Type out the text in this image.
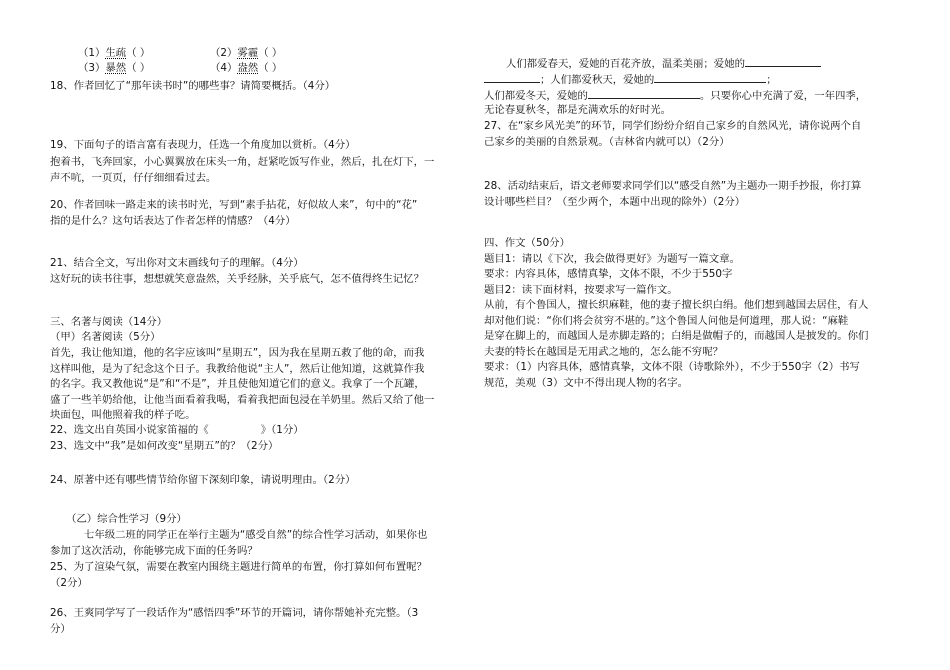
（1）生疏（ ）	（2）雾霾（ ）
（3）暴然（ ）	（4）盎然（ ）
18、作者回忆了“那年读书时”的哪些事？请简要概括。（4分）
19、下面句子的语言富有表现力，任选一个角度加以赏析。（4分）
抱着书，飞奔回家，小心翼翼放在床头一角，赶紧吃饭写作业，然后，扎在灯下，一
声不吭，一页页，仔仔细细看过去。
20、作者回味一路走来的读书时光，写到“素手拈花，好似故人来”，句中的“花”
指的是什么？这句话表达了作者怎样的情感？（4分）
21、结合全文，写出你对文末画线句子的理解。（4分）
这好玩的读书往事，想想就笑意盎然，关乎经脉，关乎底气，怎不值得终生记忆？
三、名著与阅读（14分）
（甲）名著阅读（5分）
首先，我让他知道，他的名字应该叫“星期五”，因为我在星期五救了他的命，而我
这样叫他，是为了纪念这个日子。我教给他说“主人”，然后让他知道，这就算作我
的名字。我又教他说“是”和“不是”，并且使他知道它们的意义。我拿了一个瓦罐，
盛了一些羊奶给他，让他当面看着我喝，看着我把面包浸在羊奶里。然后又给了他一
块面包，叫他照着我的样子吃。
22、选文出自英国小说家笛福的《	》（1分）
23、选文中“我”是如何改变“星期五”的？（2分）
24、原著中还有哪些情节给你留下深刻印象，请说明理由。（2分）
（乙）综合性学习（9分）
七年级二班的同学正在举行主题为“感受自然”的综合性学习活动，如果你也
参加了这次活动，你能够完成下面的任务吗？
25、为了渲染气氛，需要在教室内围绕主题进行简单的布置，你打算如何布置呢？
（2分）
26、王爽同学写了一段话作为“感悟四季”环节的开篇词，请你帮她补充完整。（3
分）
人们都爱春天，爱她的百花齐放，温柔美丽；爱她的
；人们都爱秋天，爱她的	；
人们都爱冬天，爱她的	。只要你心中充满了爱，一年四季，
无论春夏秋冬，都是充满欢乐的好时光。
27、在“家乡风光美”的环节，同学们纷纷介绍自己家乡的自然风光，请你说两个自
己家乡的美丽的自然景观。（吉林省内就可以）（2分）
28、活动结束后，语文老师要求同学们以“感受自然”为主题办一期手抄报，你打算
设计哪些栏目？（至少两个，本题中出现的除外）（2分）
四、作文（50分）
题目1：请以《下次，我会做得更好》为题写一篇文章。
要求：内容具体，感情真挚，文体不限，不少于550字
题目2：读下面材料，按要求写一篇作文。
从前，有个鲁国人，擅长织麻鞋，他的妻子擅长织白绢。他们想到越国去居住，有人
却对他们说：“你们将会贫穷不堪的。”这个鲁国人问他是何道理，那人说：“麻鞋
是穿在脚上的，而越国人是赤脚走路的；白绢是做帽子的，而越国人是披发的。你们
夫妻的特长在越国是无用武之地的，怎么能不穷呢？
要求：（1）内容具体，感情真挚，文体不限（诗歌除外），不少于550字（2）书写
规范，美观（3）文中不得出现人物的名字。
